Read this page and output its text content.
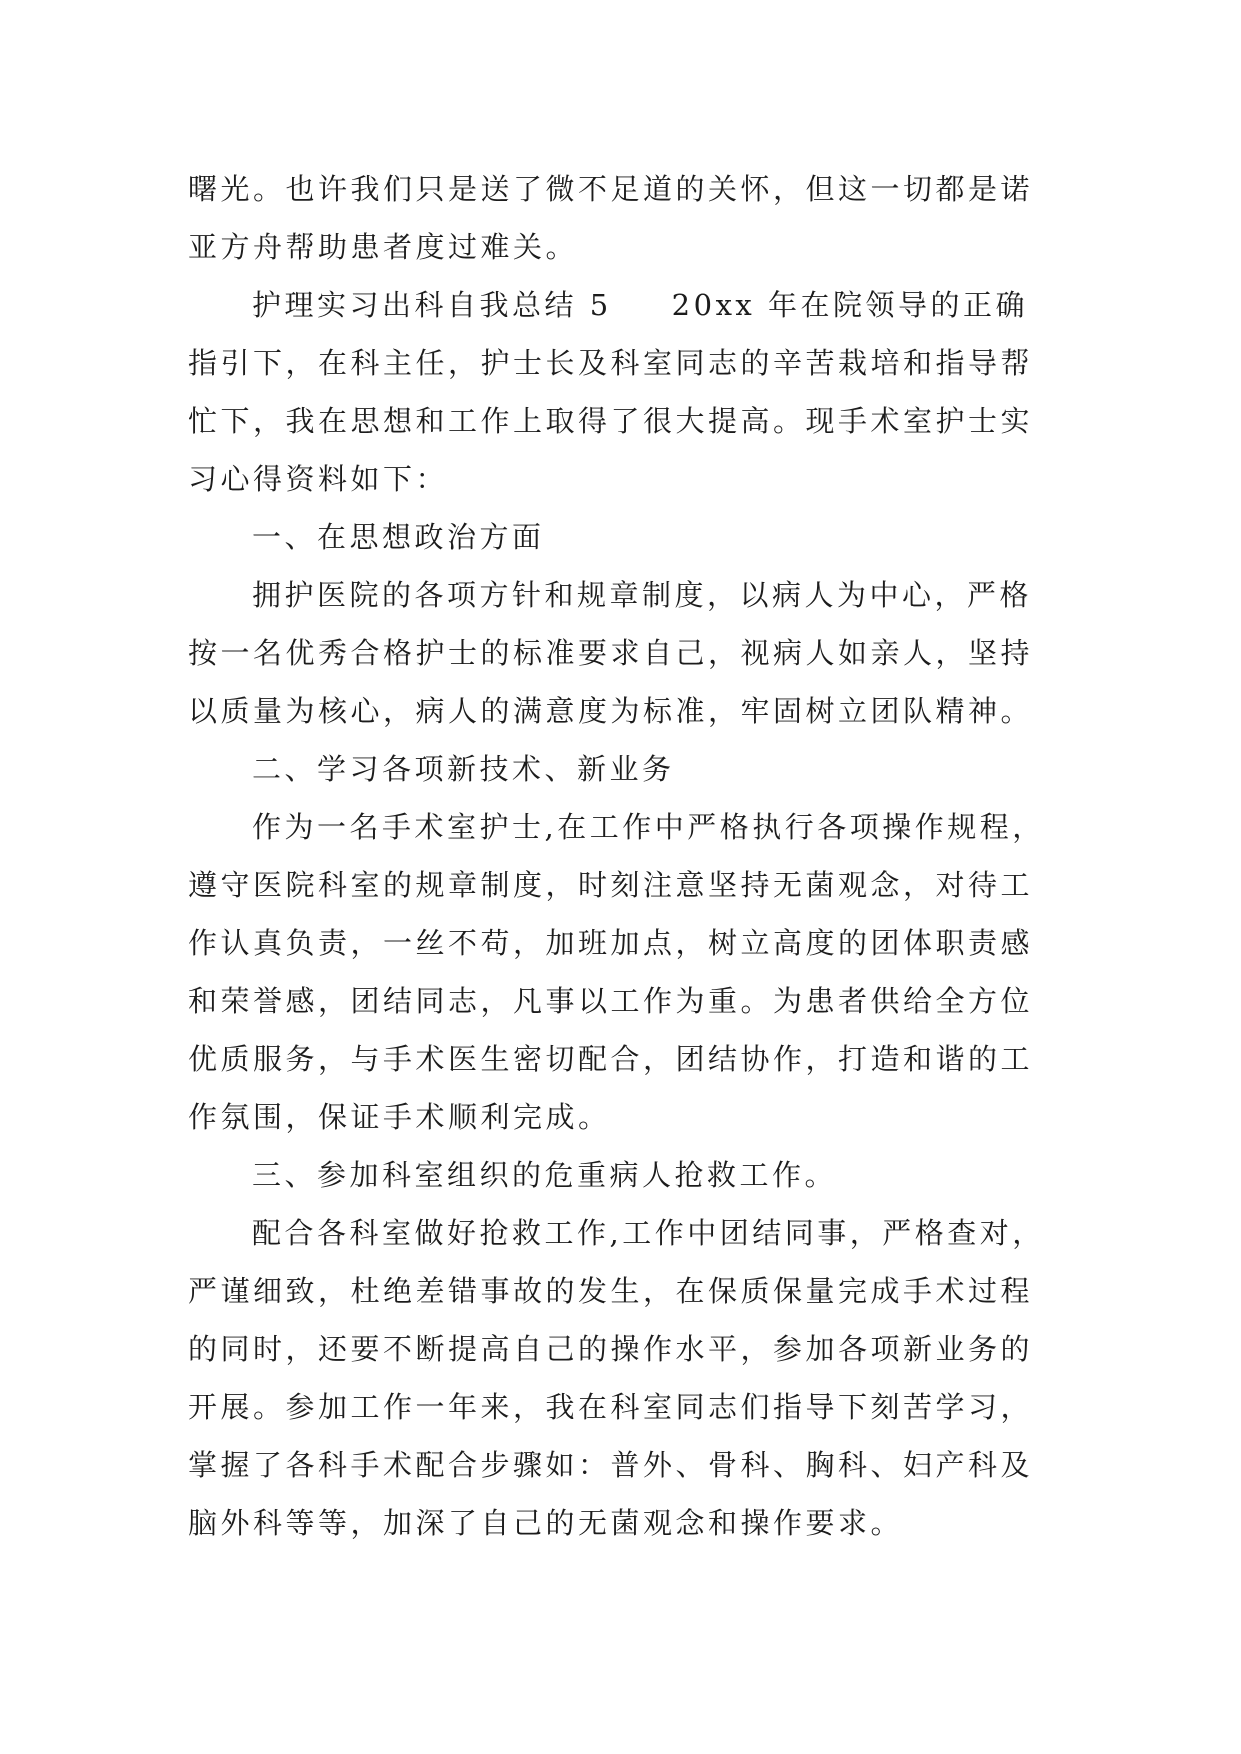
曙光。也许我们只是送了微不足道的关怀，但这一切都是诺
亚方舟帮助患者度过难关。
护理实习出科自我总结 5 20xx 年在院领导的正确
指引下，在科主任，护士长及科室同志的辛苦栽培和指导帮
忙下，我在思想和工作上取得了很大提高。现手术室护士实
习心得资料如下：
一、在思想政治方面
拥护医院的各项方针和规章制度，以病人为中心，严格
按一名优秀合格护士的标准要求自己，视病人如亲人，坚持
以质量为核心，病人的满意度为标准，牢固树立团队精神。
二、学习各项新技术、新业务
作为一名手术室护士,在工作中严格执行各项操作规程，
遵守医院科室的规章制度，时刻注意坚持无菌观念，对待工
作认真负责，一丝不苟，加班加点，树立高度的团体职责感
和荣誉感，团结同志，凡事以工作为重。为患者供给全方位
优质服务，与手术医生密切配合，团结协作，打造和谐的工
作氛围，保证手术顺利完成。
三、参加科室组织的危重病人抢救工作。
配合各科室做好抢救工作,工作中团结同事，严格查对，
严谨细致，杜绝差错事故的发生，在保质保量完成手术过程
的同时，还要不断提高自己的操作水平，参加各项新业务的
开展。参加工作一年来，我在科室同志们指导下刻苦学习，
掌握了各科手术配合步骤如：普外、骨科、胸科、妇产科及
脑外科等等，加深了自己的无菌观念和操作要求。
